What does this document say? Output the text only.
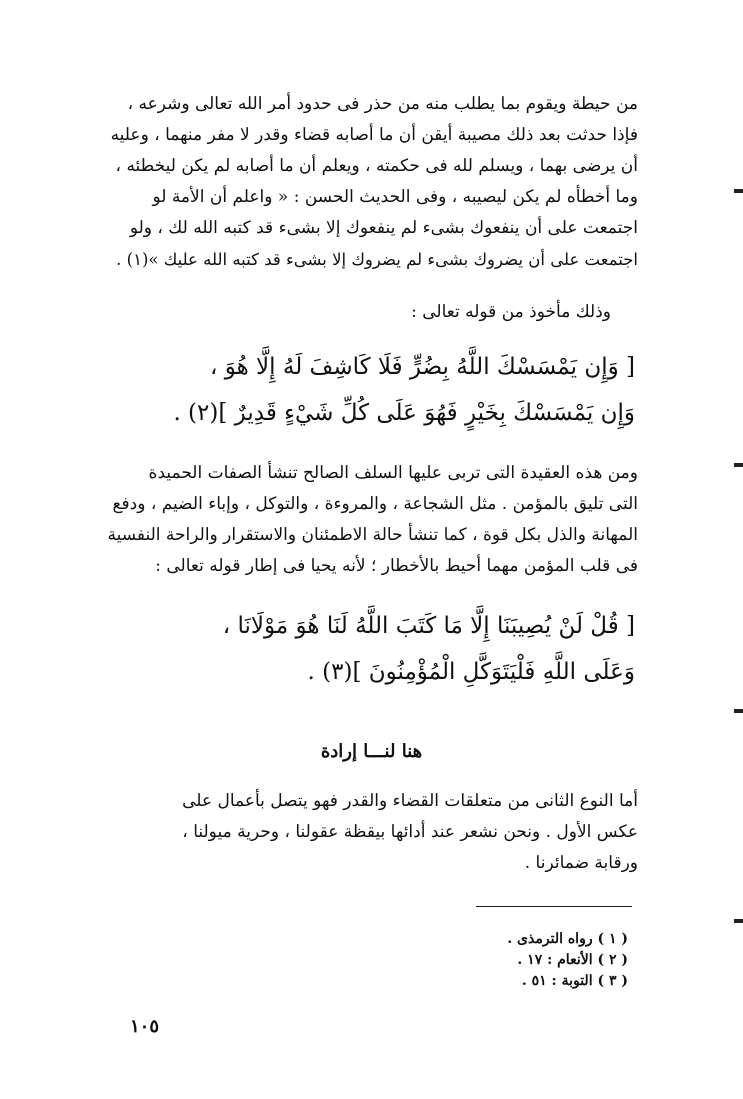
من حيطة ويقوم بما يطلب منه من حذر فى حدود أمر الله تعالى وشرعه ،
فإذا حدثت بعد ذلك مصيبة أيقن أن ما أصابه قضاء وقدر لا مفر منهما ، وعليه
أن يرضى بهما ، ويسلم لله فى حكمته ، ويعلم أن ما أصابه لم يكن ليخطئه ،
وما أخطأه لم يكن ليصيبه ، وفى الحديث الحسن : « واعلم أن الأمة لو
اجتمعت على أن ينفعوك بشىء لم ينفعوك إلا بشىء قد كتبه الله لك ، ولو
اجتمعت على أن يضروك بشىء لم يضروك إلا بشىء قد كتبه الله عليك »(١) .
وذلك مأخوذ من قوله تعالى :
[ وَإِن يَمْسَسْكَ اللَّهُ بِضُرٍّ فَلَا كَاشِفَ لَهُ إِلَّا هُوَ ،
وَإِن يَمْسَسْكَ بِخَيْرٍ فَهُوَ عَلَى كُلِّ شَيْءٍ قَدِيرٌ ](٢) .
ومن هذه العقيدة التى تربى عليها السلف الصالح تنشأ الصفات الحميدة
التى تليق بالمؤمن . مثل الشجاعة ، والمروءة ، والتوكل ، وإباء الضيم ، ودفع
المهانة والذل بكل قوة ، كما تنشأ حالة الاطمئنان والاستقرار والراحة النفسية
فى قلب المؤمن مهما أحيط بالأخطار ؛ لأنه يحيا فى إطار قوله تعالى :
[ قُلْ لَنْ يُصِيبَنَا إِلَّا مَا كَتَبَ اللَّهُ لَنَا هُوَ مَوْلَانَا ،
وَعَلَى اللَّهِ فَلْيَتَوَكَّلِ الْمُؤْمِنُونَ ](٣) .
هنا لنـــا إرادة
أما النوع الثانى من متعلقات القضاء والقدر فهو يتصل بأعمال على
عكس الأول . ونحن نشعر عند أدائها بيقظة عقولنا ، وحرية ميولنا ،
ورقابة ضمائرنا .
( ١ ) رواه الترمذى .
( ٢ ) الأنعام : ١٧ .
( ٣ ) التوبة : ٥١ .
١٠٥
